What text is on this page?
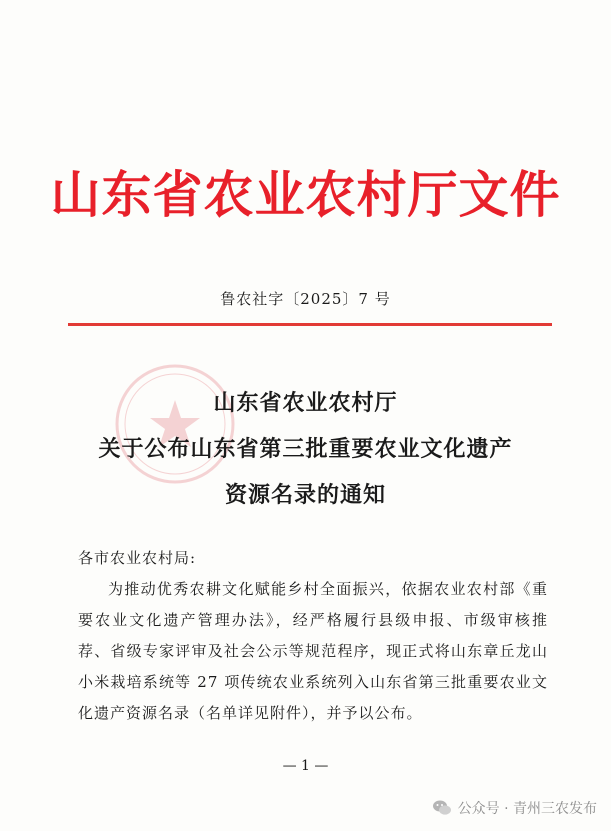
山东省农业农村厅文件
鲁农社字〔2025〕7 号
山东省农业农村厅
关于公布山东省第三批重要农业文化遗产
资源名录的通知
各市农业农村局:
为推动优秀农耕文化赋能乡村全面振兴，依据农业农村部《重要农业文化遗产管理办法》，经严格履行县级申报、市级审核推荐、省级专家评审及社会公示等规范程序，现正式将山东章丘龙山小米栽培系统等 27 项传统农业系统列入山东省第三批重要农业文化遗产资源名录（名单详见附件），并予以公布。
— 1 —
公众号 · 青州三农发布
